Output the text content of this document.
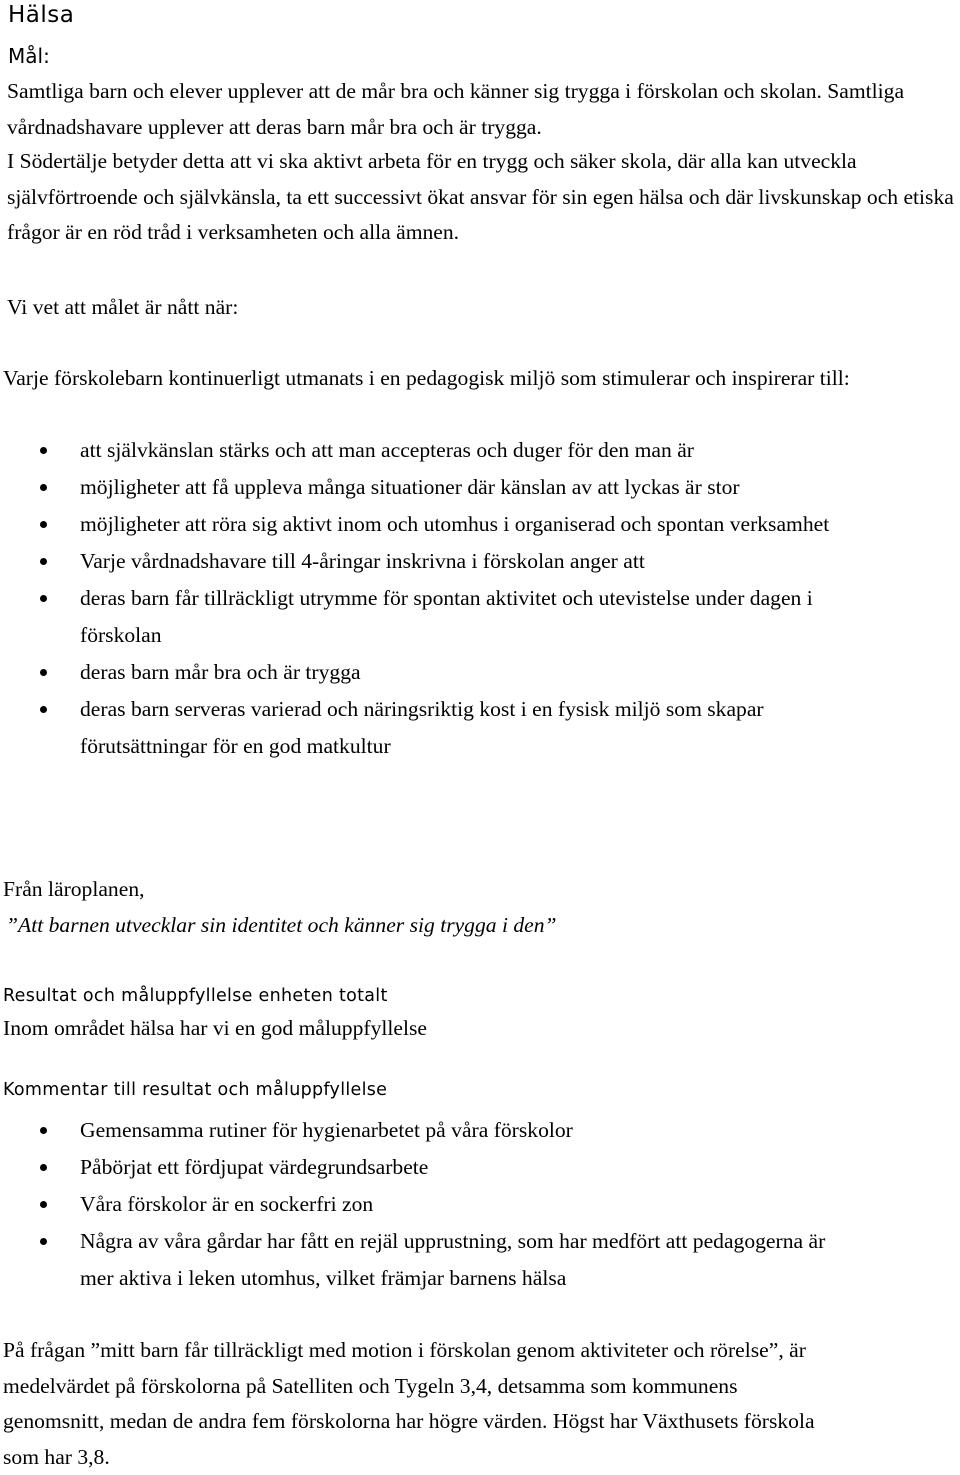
Hälsa
Mål:
Samtliga barn och elever upplever att de mår bra och känner sig trygga i förskolan och skolan. Samtliga vårdnadshavare upplever att deras barn mår bra och är trygga.
I Södertälje betyder detta att vi ska aktivt arbeta för en trygg och säker skola, där alla kan utveckla självförtroende och självkänsla, ta ett successivt ökat ansvar för sin egen hälsa och där livskunskap och etiska frågor är en röd tråd i verksamheten och alla ämnen.
Vi vet att målet är nått när:
Varje förskolebarn kontinuerligt utmanats i en pedagogisk miljö som stimulerar och inspirerar till:
att självkänslan stärks och att man accepteras och duger för den man är
möjligheter att få uppleva många situationer där känslan av att lyckas är stor
möjligheter att röra sig aktivt inom och utomhus i organiserad och spontan verksamhet
Varje vårdnadshavare till 4-åringar inskrivna i förskolan anger att
deras barn får tillräckligt utrymme för spontan aktivitet och utevistelse under dagen i förskolan
deras barn mår bra och är trygga
deras barn serveras varierad och näringsriktig kost i en fysisk miljö som skapar förutsättningar för en god matkultur
Från läroplanen,
”Att barnen utvecklar sin identitet och känner sig trygga i den”
Resultat och måluppfyllelse enheten totalt
Inom området hälsa har vi en god måluppfyllelse
Kommentar till resultat och måluppfyllelse
Gemensamma rutiner för hygienarbetet på våra förskolor
Påbörjat ett fördjupat värdegrundsarbete
Våra förskolor är en sockerfri zon
Några av våra gårdar har fått en rejäl upprustning, som har medfört att pedagogerna är mer aktiva i leken utomhus, vilket främjar barnens hälsa
På frågan ”mitt barn får tillräckligt med motion i förskolan genom aktiviteter och rörelse”, är medelvärdet på förskolorna på Satelliten och Tygeln 3,4, detsamma som kommunens genomsnitt, medan de andra fem förskolorna har högre värden. Högst har Växthusets förskola som har 3,8.
